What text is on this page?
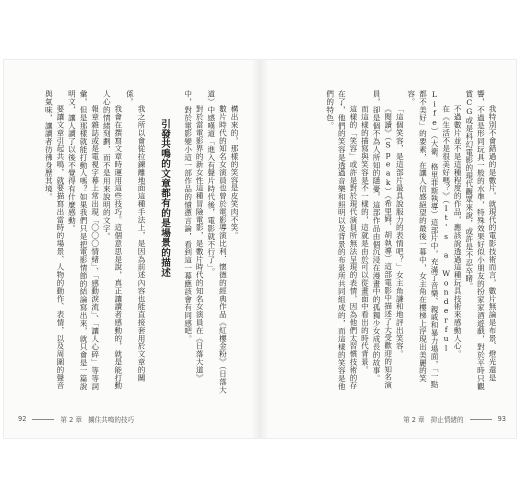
構出來的，那樣的笑容是皮笑肉不笑。

數片時代的知名女演員也曾於電影導演比利．懷德的經典作品《紅樓金粉》（日落大道）中感嘆道「進入有聲片時代後，電影就不行了」。

對於當電影界的新女性這種冒險電影，是數片時代的知名女演員在《日落大道》中，對於電影變小這一部作品的憤懣言論，看到這一幕應該會有同感吧。

引發共鳴的文章都有的是場景的描述

我之所以會從拉鍊離地面這種手法上，是因為前述內容也能直接套用於文章的關係。

我會在撰寫文章時運用這些技巧。這個意思是說，真正讓讀者感動的，就是能打動人心的情緒刻劃，而不是用來說明的文字。

報章雜誌或是電視字幕上常出現「〇〇〇情緒」、「感動淚流」、「讓人心碎」等等詞彙，但是那樣就能打動人嗎？如果我們只是把電影情節的結論寫出來，就只會是一篇說明文，讓人讀了以後不覺得有什麼感動。

要讓文章引起共鳴，就要描寫出當時的場景、人物的動作、表情，以及周圍的聲音與氣味，讓讀者彷彿身歷其境。

92	第 2 章 擄住共鳴的技巧

我特別不會錯過的是數片，就現代的電影技術而言，數片無論是布景、燈光還是響，不過是形同玩具一般的水準，特殊效果好似小朋友的扮家家酒遊戲，對於平時只觀賞CG或是科幻電影的現代觀眾來說，或許是不忍卒睹。

不過數片並不是這種程度的作品，應該說透過這種玩具技術來感動人心。

在《生活不是很美好嗎？》（It's a Wonderful Life）（大衛．格里菲斯執導）這部片中，充滿了音樂、親戚和暴力場面，「一點都不美好」的要素，在讓人信感絕望的最後一幕中，女主角在樓梯上浮現出美麗的笑容。

「這個笑容，是這部片最具說服力的表情吧？」女主角謙和地評出笑容。

《閱讀》（Speak）（希里姆．胡執導）這部電影中描述了大受歡迎的知名演員，卻是個不為人所知的隱憂，這部作品由個沉浸在漫畫中的孤獨少女成長的故事。

而這樣的描寫與笑容是不一樣的，這就是由於可以從畫面中看出的時代背景。

這樣的「笑容」或許是對於現代演員所無法呈現的表情，因為他們太習慣技術的存在了，他們的笑容是透過音樂和照明以及背景的布景所共同組成的，而這樣的笑容是他們的特色。

第 2 章 抑止情緒的	93
